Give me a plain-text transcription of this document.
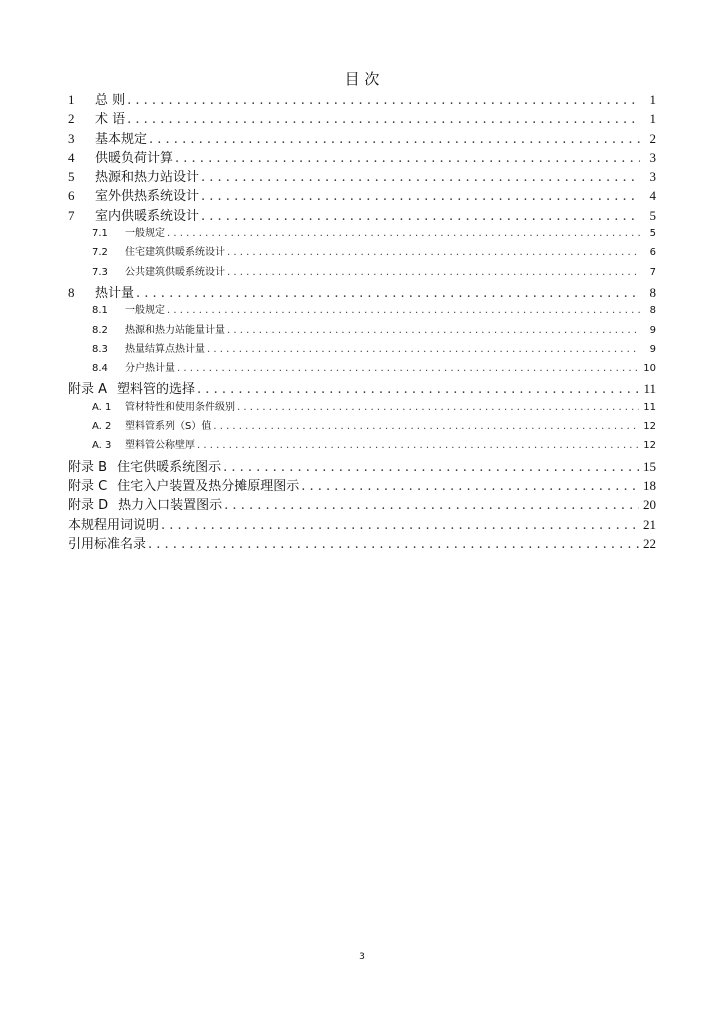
目 次
1	总 则 . . .	1
2	术 语 . . .	1
3	基本规定 . . .	2
4	供暖负荷计算 . . .	3
5	热源和热力站设计 . . .	3
6	室外供热系统设计 . . .	4
7	室内供暖系统设计 . . .	5
7.1	一般规定 . . .	5
7.2	住宅建筑供暖系统设计 . . .	6
7.3	公共建筑供暖系统设计 . . .	7
8	热计量 . . .	8
8.1	一般规定 . . .	8
8.2	热源和热力站能量计量 . . .	9
8.3	热量结算点热计量 . . .	9
8.4	分户热计量 . . .	10
附录 A 塑料管的选择 . . .	11
A. 1	管材特性和使用条件级别 . . .	11
A. 2	塑料管系列（S）值 . . .	12
A. 3	塑料管公称壁厚 . . .	12
附录 B 住宅供暖系统图示 . . .	15
附录 C 住宅入户装置及热分摊原理图示 . . .	18
附录 D 热力入口装置图示 . . .	20
本规程用词说明 . . .	21
引用标准名录 . . .	22
3
